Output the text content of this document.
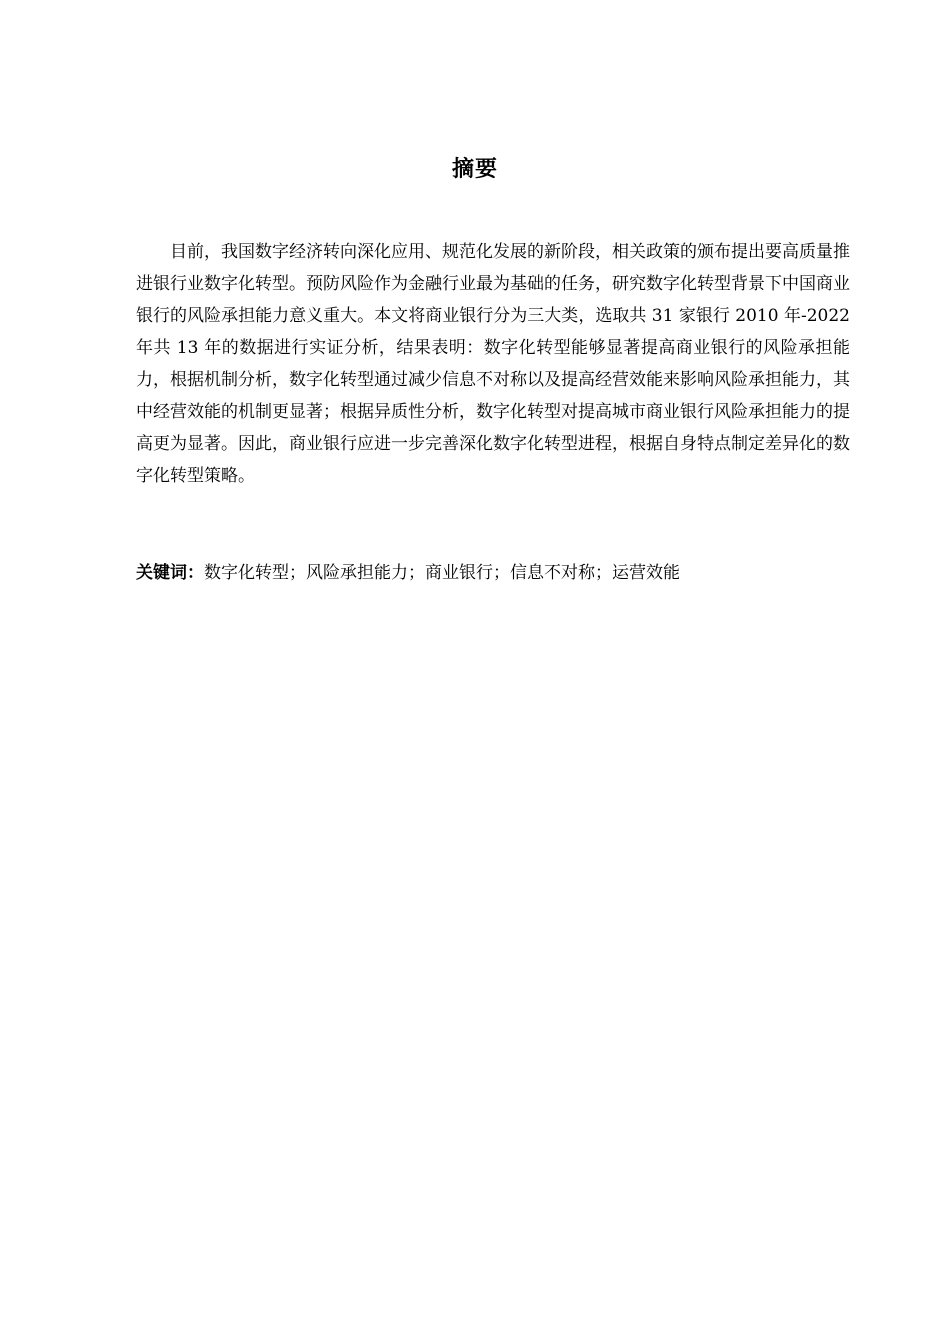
摘要

目前，我国数字经济转向深化应用、规范化发展的新阶段，相关政策的颁布提出要高质量推进银行业数字化转型。预防风险作为金融行业最为基础的任务，研究数字化转型背景下中国商业银行的风险承担能力意义重大。本文将商业银行分为三大类，选取共 31 家银行 2010 年-2022 年共 13 年的数据进行实证分析，结果表明：数字化转型能够显著提高商业银行的风险承担能力，根据机制分析，数字化转型通过减少信息不对称以及提高经营效能来影响风险承担能力，其中经营效能的机制更显著；根据异质性分析，数字化转型对提高城市商业银行风险承担能力的提高更为显著。因此，商业银行应进一步完善深化数字化转型进程，根据自身特点制定差异化的数字化转型策略。

关键词：数字化转型；风险承担能力；商业银行；信息不对称；运营效能
